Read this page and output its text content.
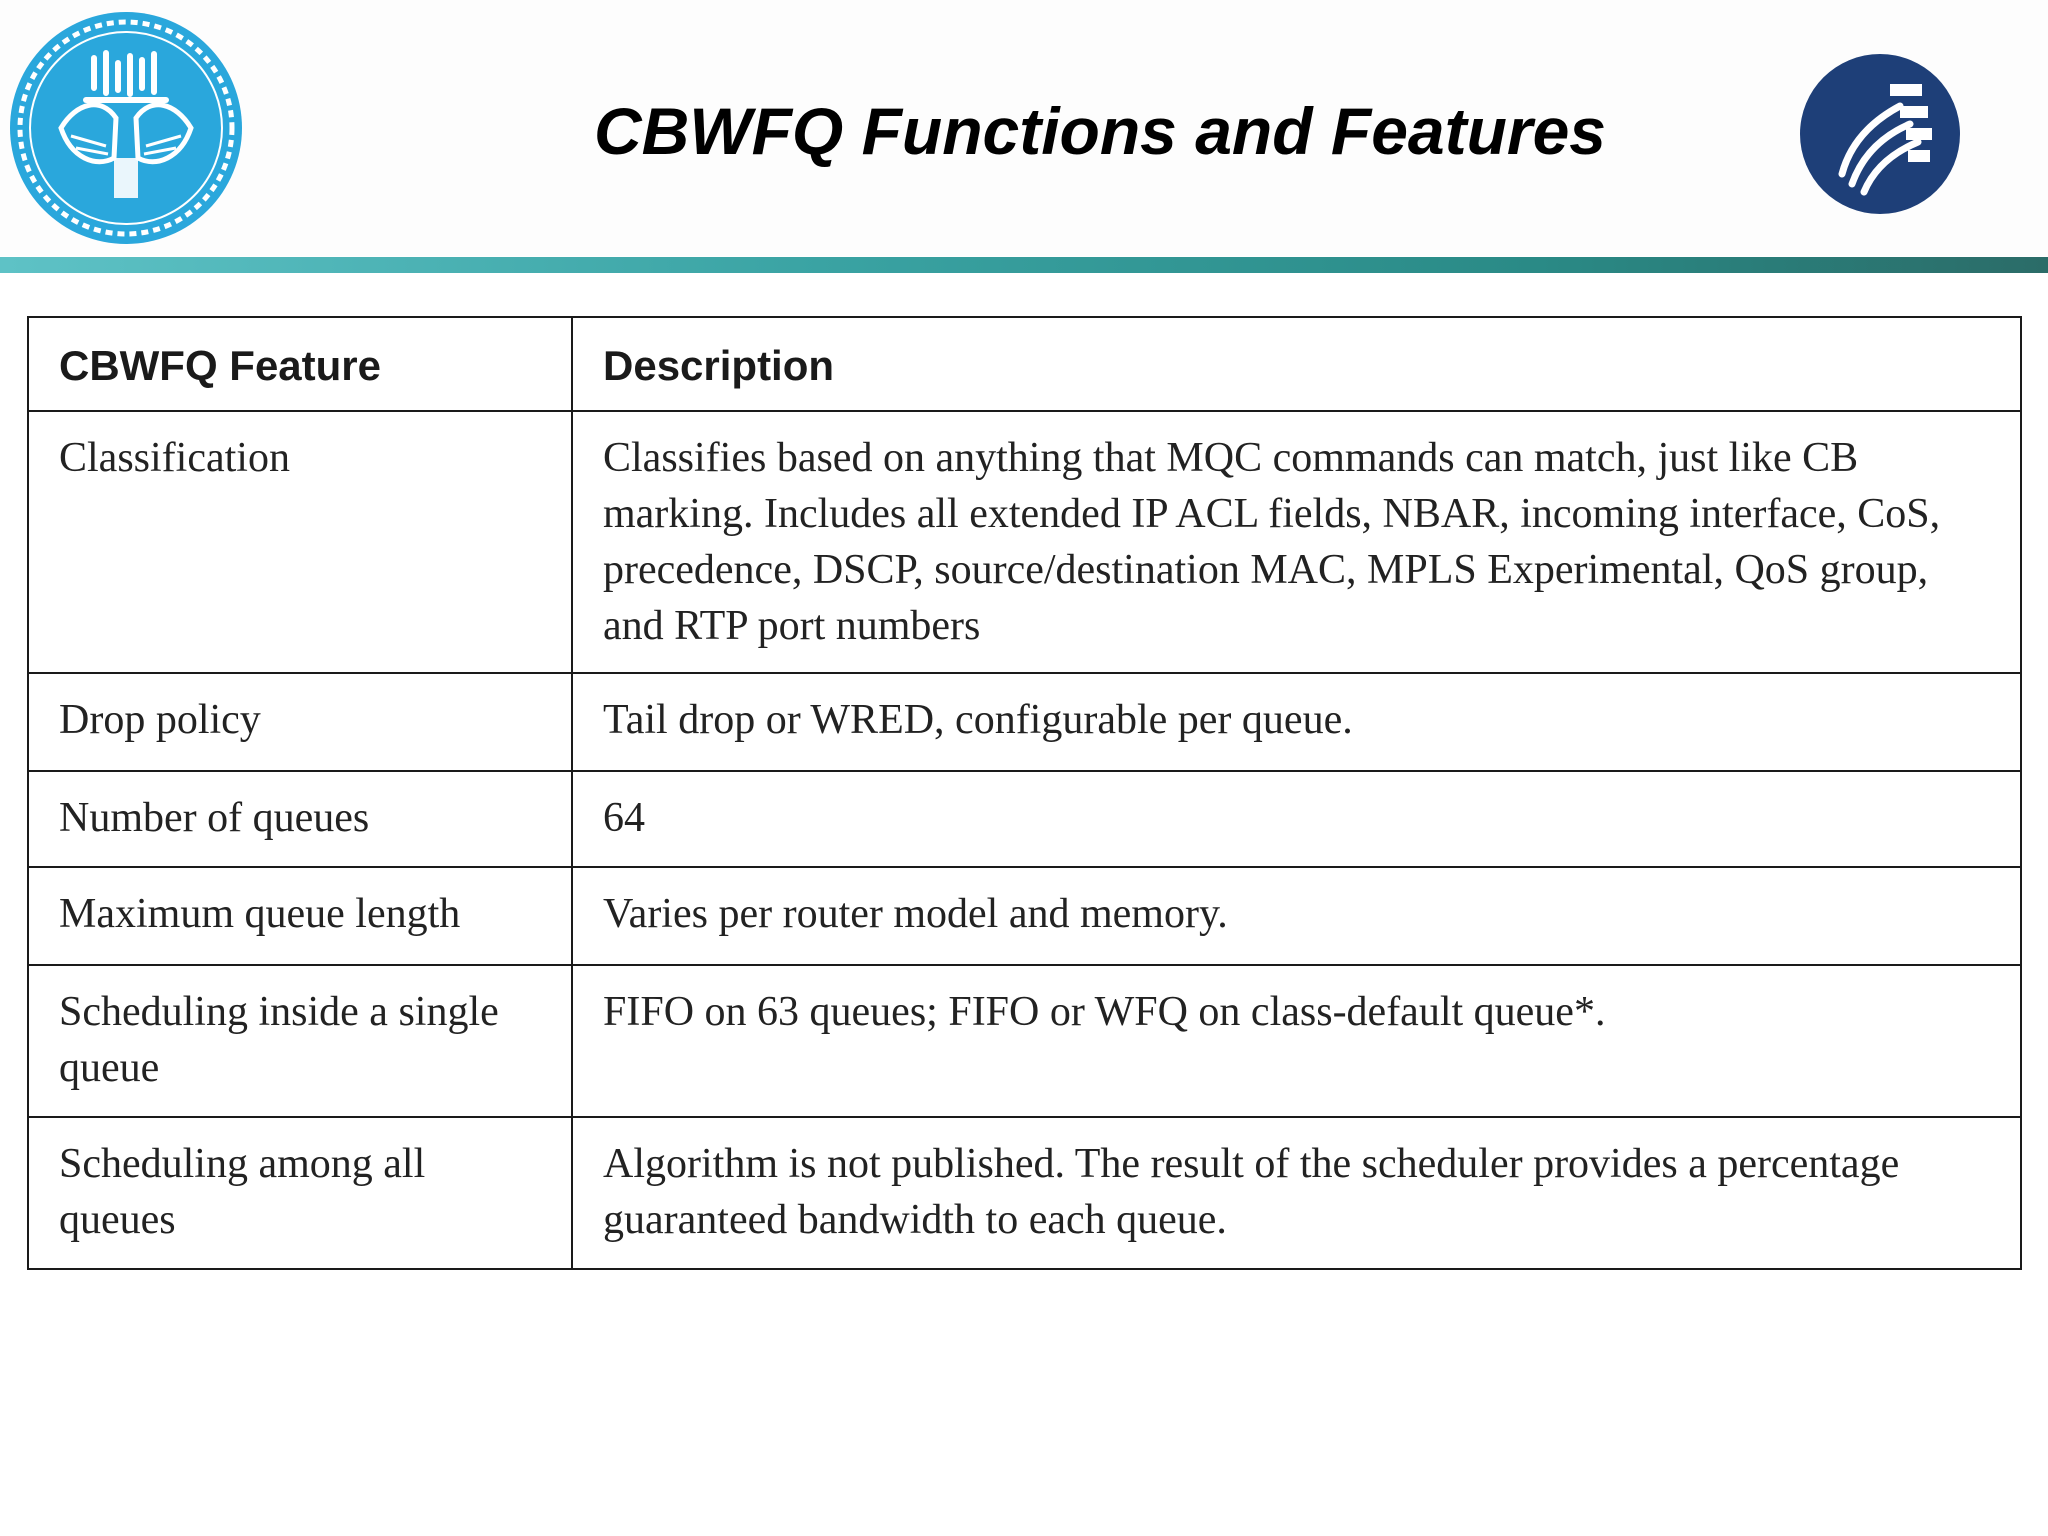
CBWFQ Functions and Features
CBWFQ Feature	Description
Classification	Classifies based on anything that MQC commands can match, just like CB marking. Includes all extended IP ACL fields, NBAR, incoming interface, CoS, precedence, DSCP, source/destination MAC, MPLS Experimental, QoS group, and RTP port numbers
Drop policy	Tail drop or WRED, configurable per queue.
Number of queues	64
Maximum queue length	Varies per router model and memory.
Scheduling inside a single queue	FIFO on 63 queues; FIFO or WFQ on class-default queue*.
Scheduling among all queues	Algorithm is not published. The result of the scheduler provides a percentage guaranteed bandwidth to each queue.
